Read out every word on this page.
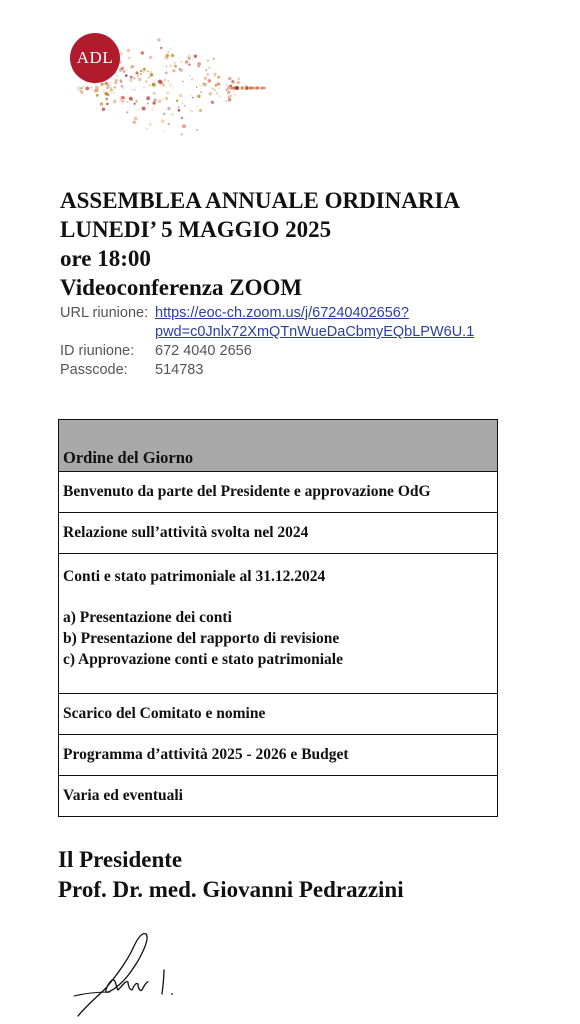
ADL
ASSEMBLEA ANNUALE ORDINARIA
LUNEDI’ 5 MAGGIO 2025
ore 18:00
Videoconferenza ZOOM
URL riunione: https://eoc-ch.zoom.us/j/67240402656?
pwd=c0Jnlx72XmQTnWueDaCbmyEQbLPW6U.1
ID riunione:	672 4040 2656
Passcode:	514783
Ordine del Giorno
Benvenuto da parte del Presidente e approvazione OdG
Relazione sull’attività svolta nel 2024

Conti e stato patrimoniale al 31.12.2024
a) Presentazione dei conti
b) Presentazione del rapporto di revisione
c) Approvazione conti e stato patrimoniale

Scarico del Comitato e nomine
Programma d’attività 2025 - 2026 e Budget
Varia ed eventuali
Il Presidente
Prof. Dr. med. Giovanni Pedrazzini
